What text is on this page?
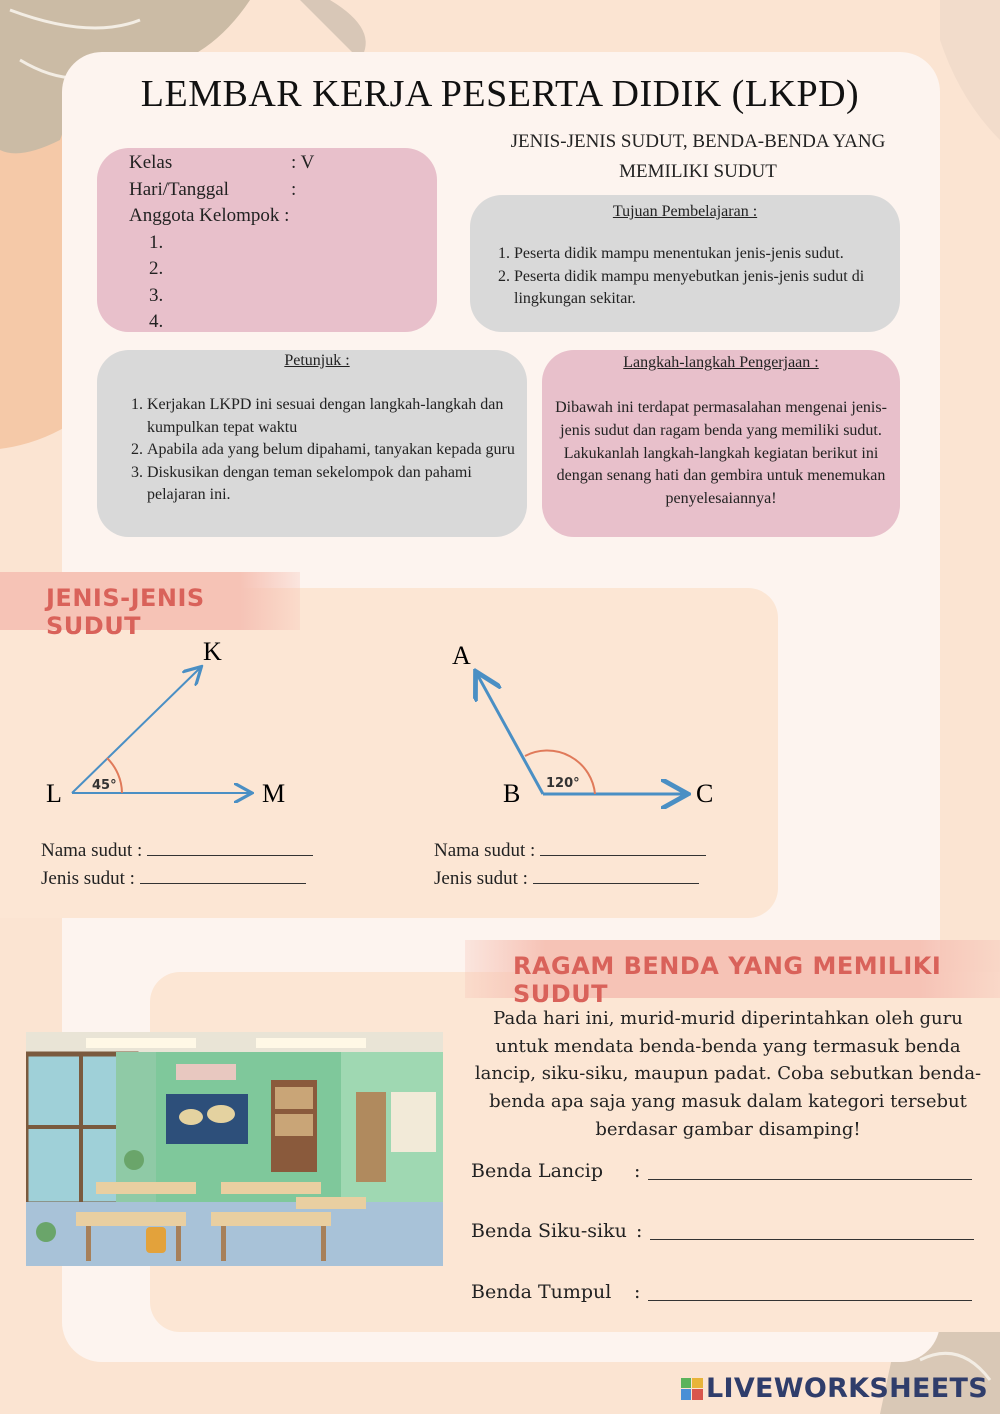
LEMBAR KERJA PESERTA DIDIK (LKPD)
JENIS-JENIS SUDUT, BENDA-BENDA YANG
MEMILIKI SUDUT
Kelas	: V
Hari/Tanggal	:
Anggota Kelompok :
1.
2.
3.
4.
Tujuan Pembelajaran :
1. Peserta didik mampu menentukan jenis-jenis sudut.
2. Peserta didik mampu menyebutkan jenis-jenis sudut di lingkungan sekitar.
Petunjuk :
1. Kerjakan LKPD ini sesuai dengan langkah-langkah dan kumpulkan tepat waktu
2. Apabila ada yang belum dipahami, tanyakan kepada guru
3. Diskusikan dengan teman sekelompok dan pahami pelajaran ini.
Langkah-langkah Pengerjaan :

Dibawah ini terdapat permasalahan mengenai jenis-jenis sudut dan ragam benda yang memiliki sudut. Lakukanlah langkah-langkah kegiatan berikut ini dengan senang hati dan gembira untuk menemukan penyelesaiannya!

JENIS-JENIS SUDUT
K
L	M
45°
A
B	C
120°
Nama sudut :
Jenis sudut :
Nama sudut :
Jenis sudut :
RAGAM BENDA YANG MEMILIKI SUDUT
Pada hari ini, murid-murid diperintahkan oleh guru untuk mendata benda-benda yang termasuk benda lancip, siku-siku, maupun padat. Coba sebutkan benda-benda apa saja yang masuk dalam kategori tersebut berdasar gambar disamping!
Benda Lancip	:
Benda Siku-siku :
Benda Tumpul	:
LIVEWORKSHEETS
